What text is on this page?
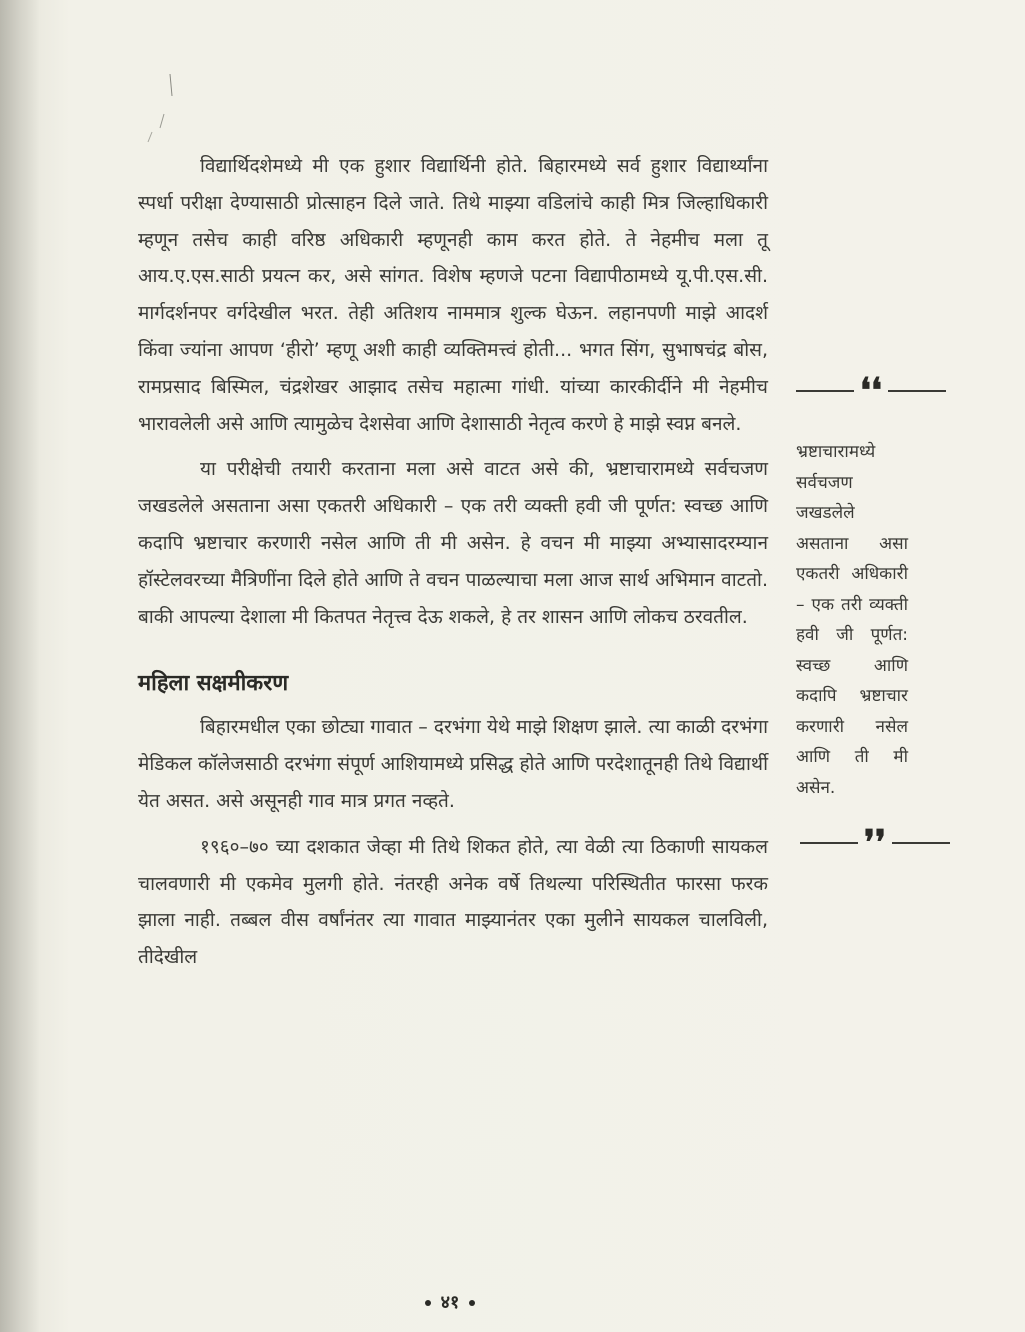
विद्यार्थिदशेमध्ये मी एक हुशार विद्यार्थिनी होते. बिहारमध्ये सर्व हुशार विद्यार्थ्यांना स्पर्धा परीक्षा देण्यासाठी प्रोत्साहन दिले जाते. तिथे माझ्या वडिलांचे काही मित्र जिल्हाधिकारी म्हणून तसेच काही वरिष्ठ अधिकारी म्हणूनही काम करत होते. ते नेहमीच मला तू आय.ए.एस.साठी प्रयत्न कर, असे सांगत. विशेष म्हणजे पटना विद्यापीठामध्ये यू.पी.एस.सी. मार्गदर्शनपर वर्गदेखील भरत. तेही अतिशय नाममात्र शुल्क घेऊन. लहानपणी माझे आदर्श किंवा ज्यांना आपण ‘हीरो’ म्हणू अशी काही व्यक्तिमत्त्वं होती... भगत सिंग, सुभाषचंद्र बोस, रामप्रसाद बिस्मिल, चंद्रशेखर आझाद तसेच महात्मा गांधी. यांच्या कारकीर्दीने मी नेहमीच भारावलेली असे आणि त्यामुळेच देशसेवा आणि देशासाठी नेतृत्व करणे हे माझे स्वप्न बनले.

या परीक्षेची तयारी करताना मला असे वाटत असे की, भ्रष्टाचारामध्ये सर्वचजण जखडलेले असताना असा एकतरी अधिकारी – एक तरी व्यक्ती हवी जी पूर्णत: स्वच्छ आणि कदापि भ्रष्टाचार करणारी नसेल आणि ती मी असेन. हे वचन मी माझ्या अभ्यासादरम्यान हॉस्टेलवरच्या मैत्रिणींना दिले होते आणि ते वचन पाळल्याचा मला आज सार्थ अभिमान वाटतो. बाकी आपल्या देशाला मी कितपत नेतृत्त्व देऊ शकले, हे तर शासन आणि लोकच ठरवतील.

महिला सक्षमीकरण

बिहारमधील एका छोट्या गावात – दरभंगा येथे माझे शिक्षण झाले. त्या काळी दरभंगा मेडिकल कॉलेजसाठी दरभंगा संपूर्ण आशियामध्ये प्रसिद्ध होते आणि परदेशातूनही तिथे विद्यार्थी येत असत. असे असूनही गाव मात्र प्रगत नव्हते.

१९६०–७० च्या दशकात जेव्हा मी तिथे शिकत होते, त्या वेळी त्या ठिकाणी सायकल चालवणारी मी एकमेव मुलगी होते. नंतरही अनेक वर्षे तिथल्या परिस्थितीत फारसा फरक झाला नाही. तब्बल वीस वर्षांनंतर त्या गावात माझ्यानंतर एका मुलीने सायकल चालविली, तीदेखील

❛❛

भ्रष्टाचारामध्ये सर्वचजण जखडलेले असताना असा एकतरी अधिकारी – एक तरी व्यक्ती हवी जी पूर्णत: स्वच्छ आणि कदापि भ्रष्टाचार करणारी नसेल आणि ती मी असेन.

❜❜
४१
